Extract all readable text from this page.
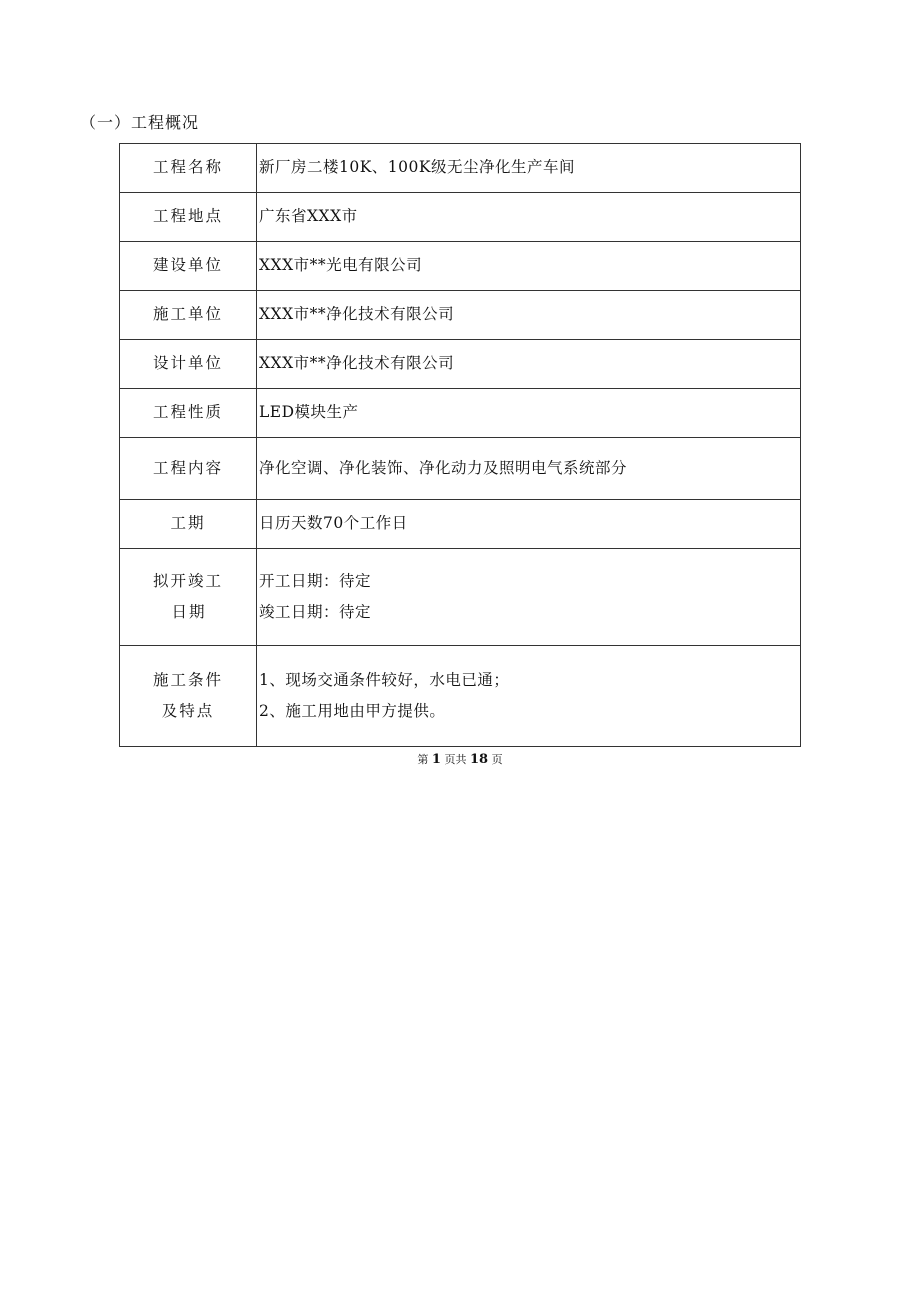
（一）工程概况
工程名称	新厂房二楼10K、100K级无尘净化生产车间
工程地点	广东省XXX市
建设单位	XXX市**光电有限公司
施工单位	XXX市**净化技术有限公司
设计单位	XXX市**净化技术有限公司
工程性质	LED模块生产
工程内容	净化空调、净化装饰、净化动力及照明电气系统部分
工期	日历天数70个工作日

拟开竣工
日期	开工日期：待定
竣工日期：待定

施工条件
及特点	1、现场交通条件较好，水电已通；
2、施工用地由甲方提供。
第 1 页共 18 页
